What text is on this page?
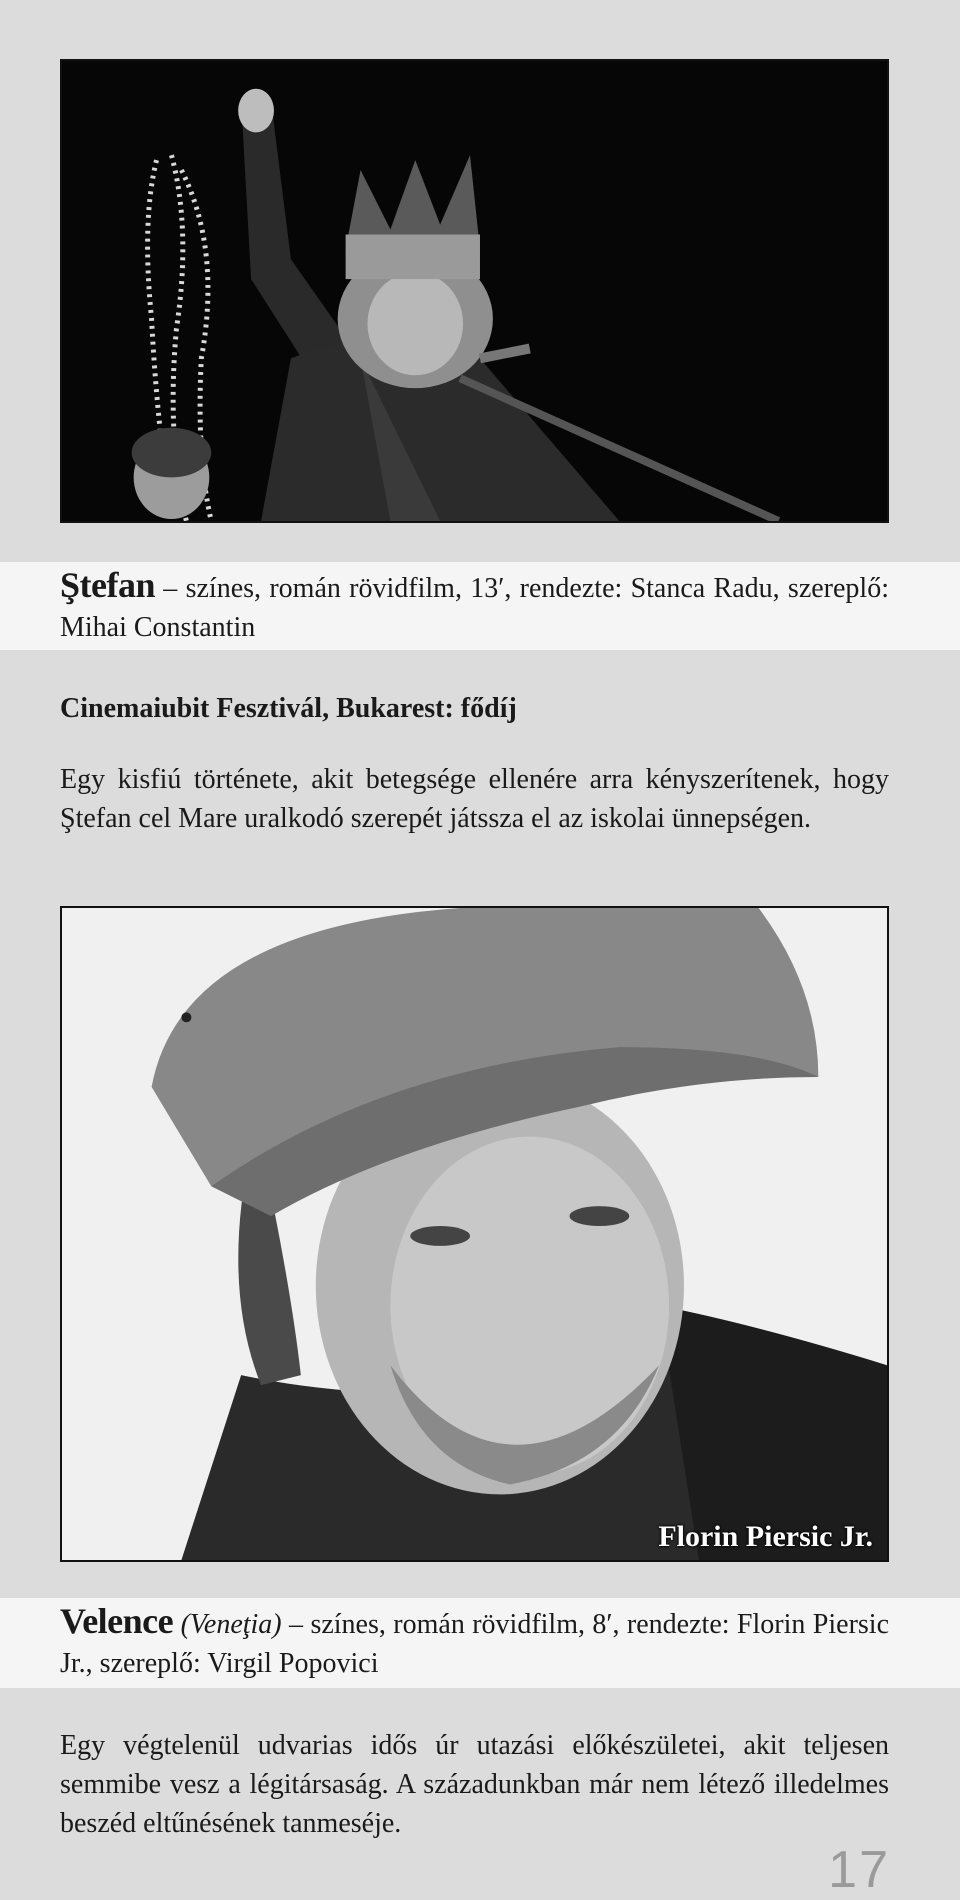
Ştefan – színes, román rövidfilm, 13′, rendezte: Stanca Radu, szereplő: Mihai Constantin
Cinemaiubit Fesztivál, Bukarest: fődíj
Egy kisfiú története, akit betegsége ellenére arra kényszerítenek, hogy Ştefan cel Mare uralkodó szerepét játssza el az iskolai ünnepségen.
Florin Piersic Jr.
Velence (Veneţia) – színes, román rövidfilm, 8′, rendezte: Florin Piersic Jr., szereplő: Virgil Popovici
Egy végtelenül udvarias idős úr utazási előkészületei, akit teljesen semmibe vesz a légitársaság. A századunkban már nem létező illedelmes beszéd eltűnésének tanmeséje.
17
